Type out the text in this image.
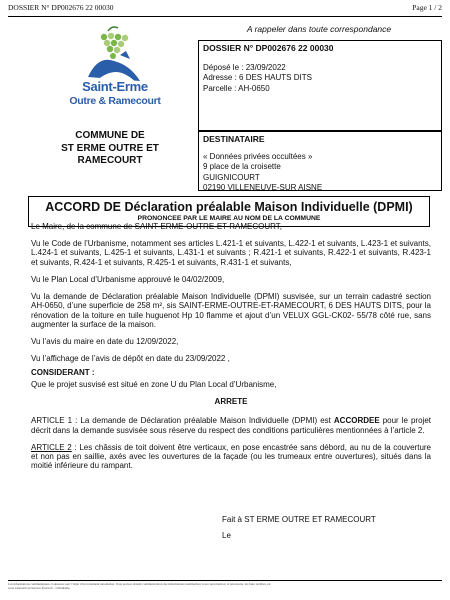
DOSSIER N° DP002676 22 00030	Page 1 / 2
Saint-Erme
Outre & Ramecourt
COMMUNE DE
ST ERME OUTRE ET
RAMECOURT
A rappeler dans toute correspondance
DOSSIER N° DP002676 22 00030
Déposé le : 23/09/2022
Adresse : 6 DES HAUTS DITS
Parcelle : AH-0650
DESTINATAIRE
« Données privées occultées »
9 place de la croisette
GUIGNICOURT
02190 VILLENEUVE-SUR AISNE
ACCORD DE Déclaration préalable Maison Individuelle (DPMI)
PRONONCEE PAR LE MAIRE AU NOM DE LA COMMUNE

Le Maire, de la commune de SAINT-ERME-OUTRE-ET-RAMECOURT,

Vu le Code de l’Urbanisme, notamment ses articles L.421-1 et suivants, L.422-1 et suivants, L.423-1 et suivants, L.424-1 et suivants, L.425-1 et suivants, L.431-1 et suivants ; R.421-1 et suivants, R.422-1 et suivants, R.423-1 et suivants, R.424-1 et suivants, R.425-1 et suivants, R.431-1 et suivants,

Vu le Plan Local d’Urbanisme approuvé le 04/02/2009,

Vu la demande de Déclaration préalable Maison Individuelle (DPMI) susvisée, sur un terrain cadastré section AH-0650, d’une superficie de 258 m², sis SAINT-ERME-OUTRE-ET-RAMECOURT, 6 DES HAUTS DITS, pour la rénovation de la toiture en tuile huguenot Hp 10 flamme et ajout d’un VELUX GGL-CK02- 55/78 côté rue, sans augmenter la surface de la maison.

Vu l’avis du maire en date du 12/09/2022,

Vu l’affichage de l’avis de dépôt en date du 23/09/2022 ,

CONSIDERANT :

Que le projet susvisé est situé en zone U du Plan Local d’Urbanisme,

ARRETE

ARTICLE 1 : La demande de Déclaration préalable Maison Individuelle (DPMI) est ACCORDEE pour le projet décrit dans la demande susvisée sous réserve du respect des conditions particulières mentionnées à l’article 2.

ARTICLE 2 : Les châssis de toit doivent être verticaux, en pose encastrée sans débord, au nu de la couverture et non pas en saillie, axés avec les ouvertures de la façade (ou les trumeaux entre ouvertures), situés dans la moitié inférieure du rampant.

Fait à ST ERME OUTRE ET RAMECOURT
Le
Les informations communiquées ci-dessous sont l’objet d’un traitement automatisé. Vous pouvez obtenir communication des informations nominatives vous concernant et, si nécessaire, les faire rectifier, en
vous adressant au Service Pourvoir - Urbanisme.
